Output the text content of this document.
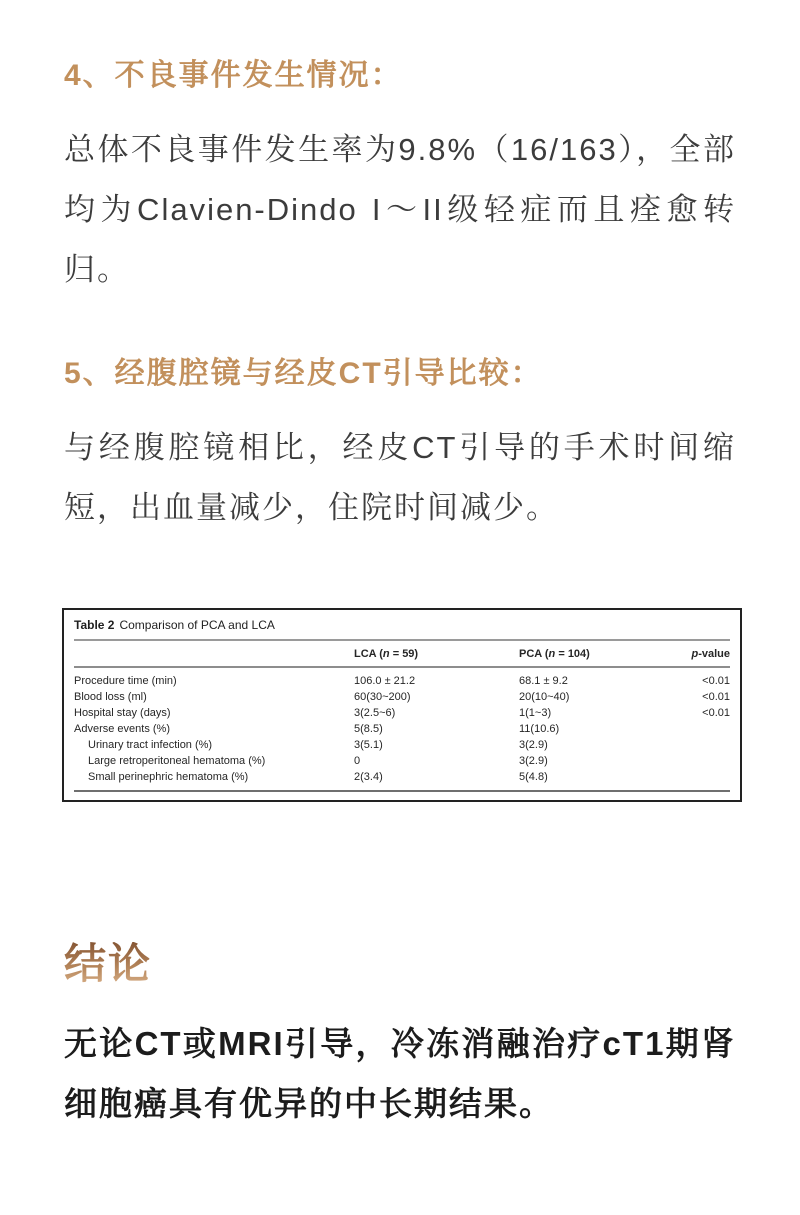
4、不良事件发生情况：

总体不良事件发生率为9.8%（16/163），全部均为Clavien-Dindo I～II级轻症而且痊愈转归。

5、经腹腔镜与经皮CT引导比较：

与经腹腔镜相比，经皮CT引导的手术时间缩短，出血量减少，住院时间减少。

Table 2 Comparison of PCA and LCA
	LCA (n = 59)	PCA (n = 104)	p-value
Procedure time (min)	106.0 ± 21.2	68.1 ± 9.2	<0.01
Blood loss (ml)	60(30~200)	20(10~40)	<0.01
Hospital stay (days)	3(2.5~6)	1(1~3)	<0.01
Adverse events (%)	5(8.5)	11(10.6)	
Urinary tract infection (%)	3(5.1)	3(2.9)	
Large retroperitoneal hematoma (%)	0	3(2.9)	
Small perinephric hematoma (%)	2(3.4)	5(4.8)	
结论

无论CT或MRI引导，冷冻消融治疗cT1期肾细胞癌具有优异的中长期结果。
